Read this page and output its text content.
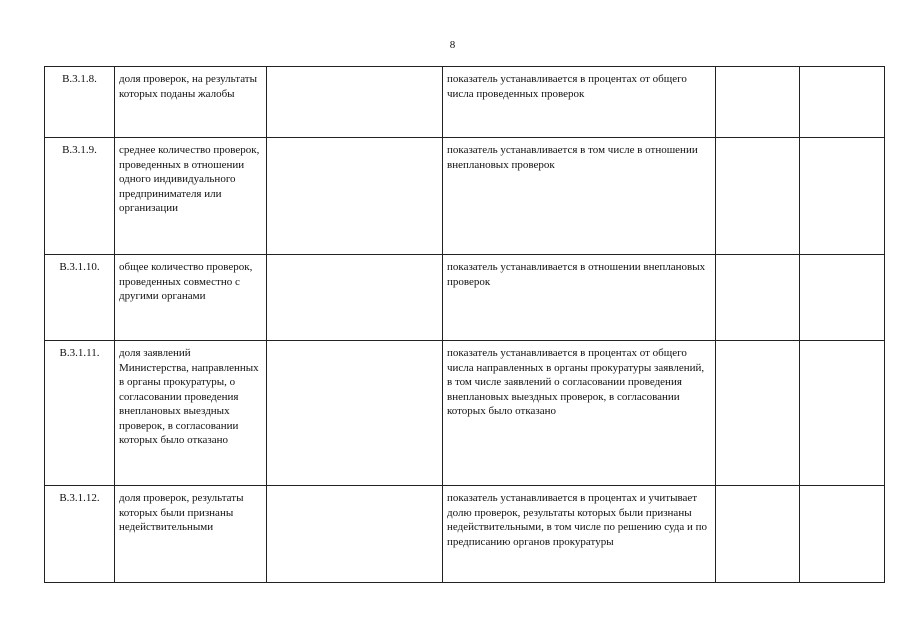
8
В.3.1.8.	доля проверок, на результаты которых поданы жалобы		показатель устанавливается в процентах от общего числа проведенных проверок		
В.3.1.9.	среднее количество проверок, проведенных в отношении одного индивидуального предпринимателя или организации		показатель устанавливается в том числе в отношении внеплановых проверок		
В.3.1.10.	общее количество проверок, проведенных совместно с другими органами		показатель устанавливается в отношении внеплановых проверок		
В.3.1.11.	доля заявлений Министерства, направленных в органы прокуратуры, о согласовании проведения внеплановых выездных проверок, в согласовании которых было отказано		показатель устанавливается в процентах от общего числа направленных в органы прокуратуры заявлений, в том числе заявлений о согласовании проведения внеплановых выездных проверок, в согласовании которых было отказано		
В.3.1.12.	доля проверок, результаты которых были признаны недействительными		показатель устанавливается в процентах и учитывает долю проверок, результаты которых были признаны недействительными, в том числе по решению суда и по предписанию органов прокуратуры		
